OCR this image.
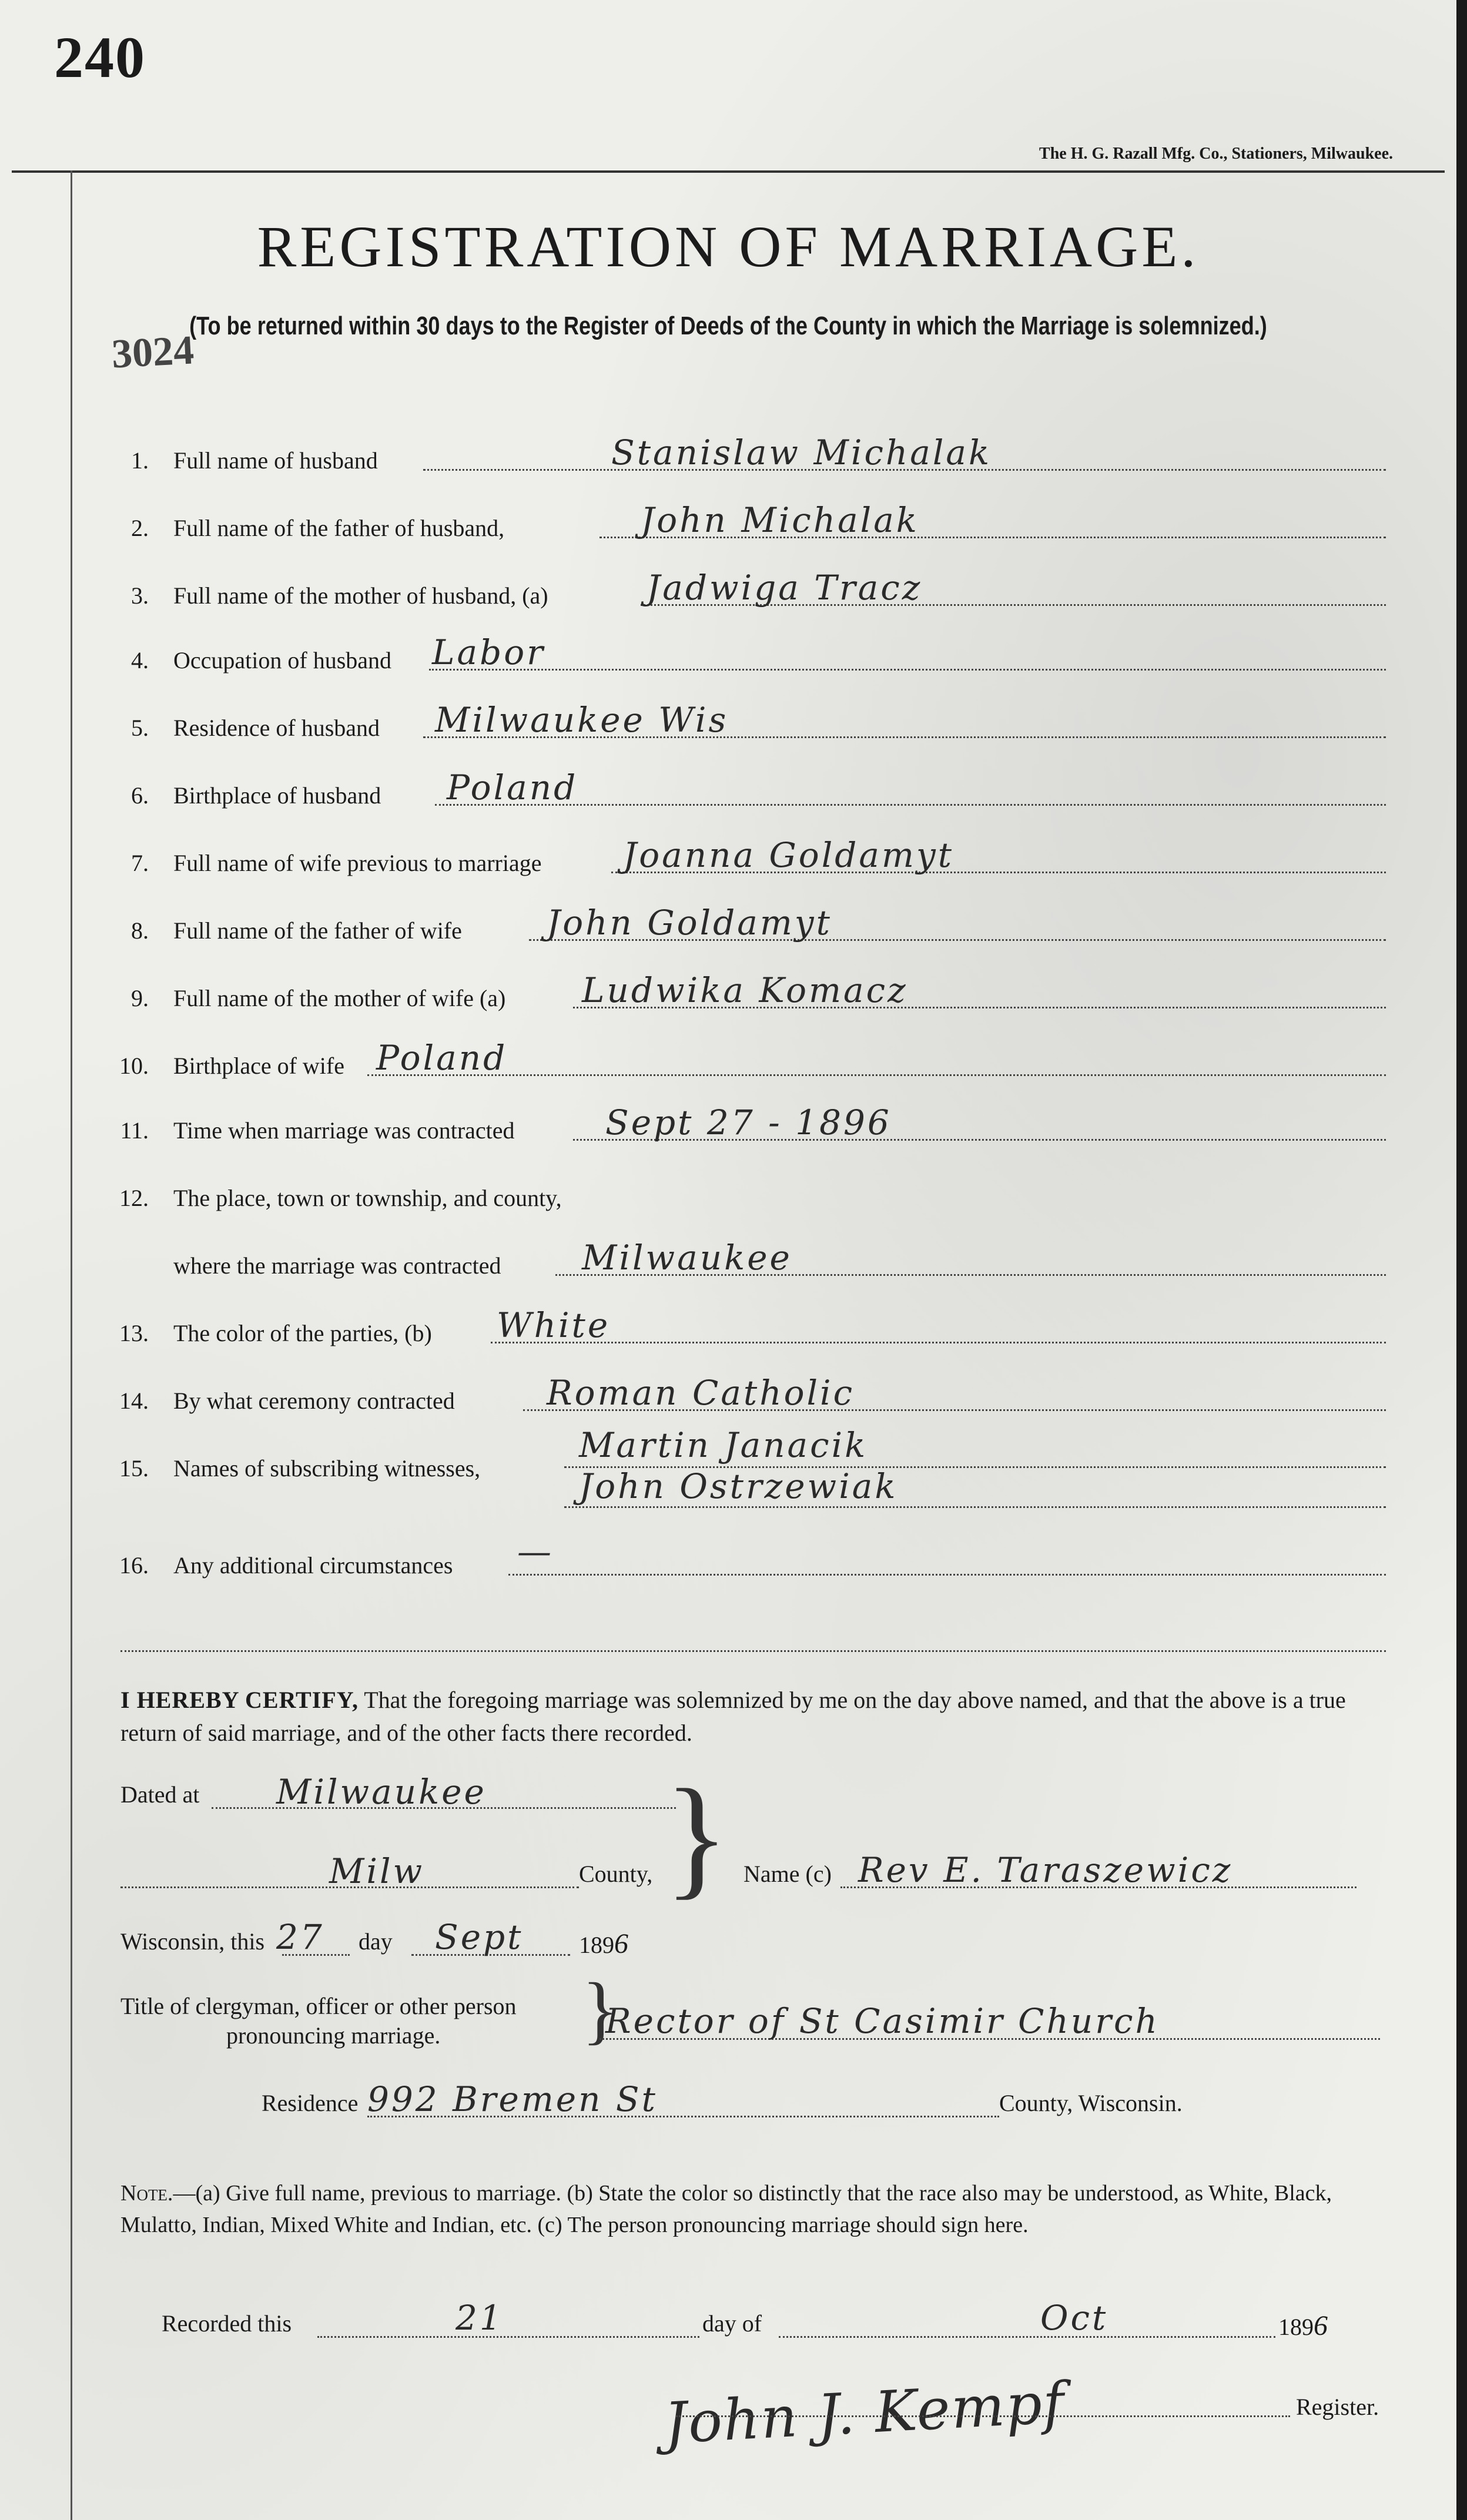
240
The H. G. Razall Mfg. Co., Stationers, Milwaukee.
REGISTRATION OF MARRIAGE.
(To be returned within 30 days to the Register of Deeds of the County in which the Marriage is solemnized.)
3024
1. Full name of husband	Stanislaw Michalak
2. Full name of the father of husband,	John Michalak
3. Full name of the mother of husband, (a)	Jadwiga Tracz
4. Occupation of husband Labor
5. Residence of husband Milwaukee Wis
6. Birthplace of husband Poland
7. Full name of wife previous to marriage Joanna Goldamyt
8. Full name of the father of wife John Goldamyt
9. Full name of the mother of wife (a) Ludwika Komacz
10. Birthplace of wife Poland
11. Time when marriage was contracted	Sept 27 - 1896
12. The place, town or township, and county,
where the marriage was contracted Milwaukee
13. The color of the parties, (b) White
14. By what ceremony contracted	Roman Catholic
15. Names of subscribing witnesses,
Martin Janacik
John Ostrzewiak
16. Any additional circumstances —
I HEREBY CERTIFY, That the foregoing marriage was solemnized by me on the day above named, and that the above is a true return of said marriage, and of the other facts there recorded.
Dated at Milwaukee
Milw	County,
Wisconsin, this 27 day Sept 1896
} Name (c) Rev E. Taraszewicz
Title of clergyman, officer or other person
pronouncing marriage. }
Rector of St Casimir Church
Residence 992 Bremen St	County, Wisconsin.
Note.—(a) Give full name, previous to marriage. (b) State the color so distinctly that the race also may be understood, as White, Black, Mulatto, Indian, Mixed White and Indian, etc. (c) The person pronouncing marriage should sign here.
Recorded this	21	day of	Oct	1896
John J. Kempf	Register.
